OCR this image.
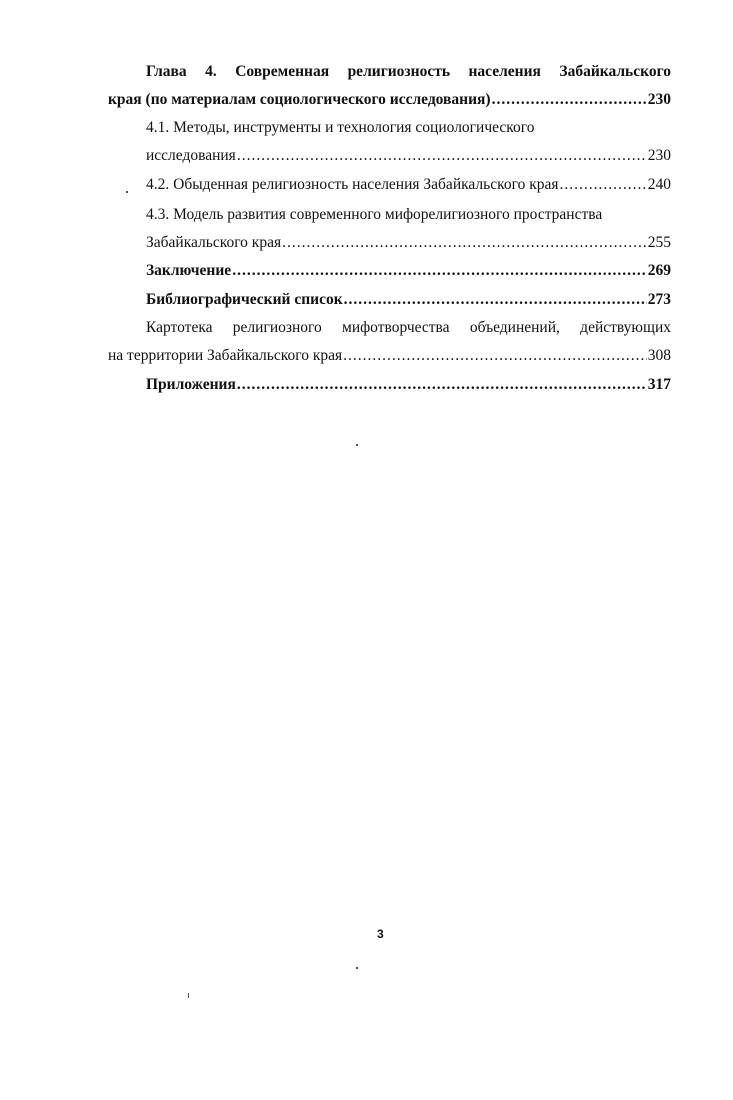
Глава 4. Современная религиозность населения Забайкальского
края (по материалам социологического исследования) .....	230
4.1. Методы, инструменты и технология социологического
исследования .....	230
4.2. Обыденная религиозность населения Забайкальского края .....	240
4.3. Модель развития современного мифорелигиозного пространства
Забайкальского края .....	255
Заключение .....	269
Библиографический список .....	273
Картотека религиозного мифотворчества объединений, действующих
на территории Забайкальского края .....	308
Приложения .....	317
3
